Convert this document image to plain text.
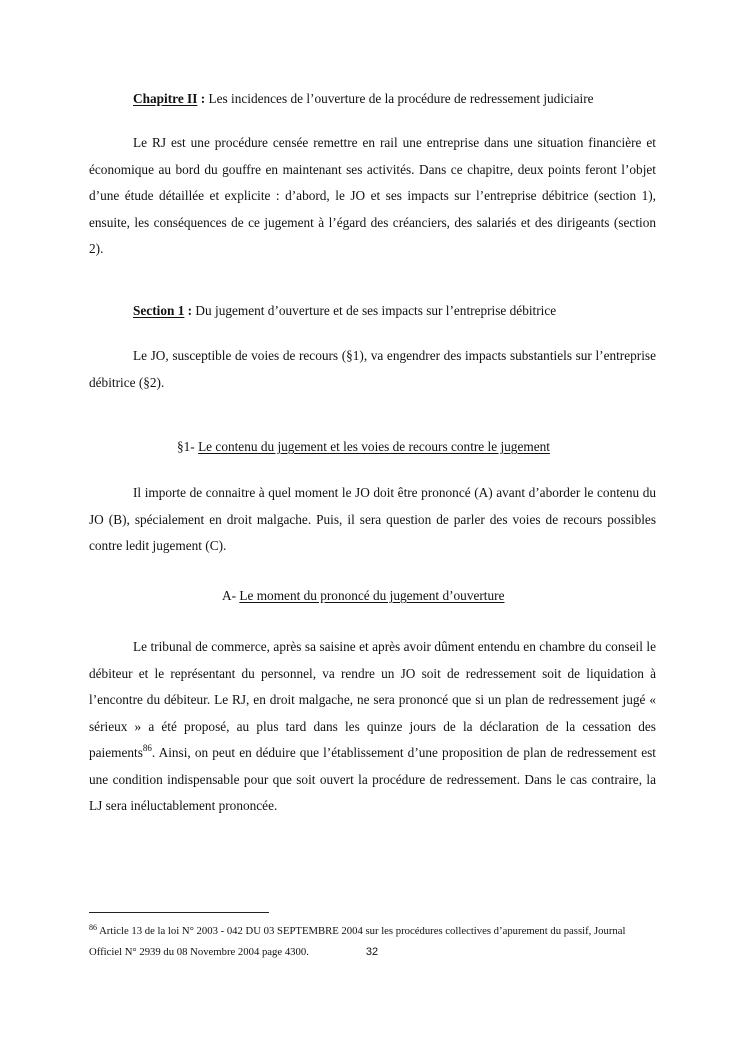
Chapitre II : Les incidences de l’ouverture de la procédure de redressement judiciaire

Le RJ est une procédure censée remettre en rail une entreprise dans une situation financière et économique au bord du gouffre en maintenant ses activités. Dans ce chapitre, deux points feront l’objet d’une étude détaillée et explicite : d’abord, le JO et ses impacts sur l’entreprise débitrice (section 1), ensuite, les conséquences de ce jugement à l’égard des créanciers, des salariés et des dirigeants (section 2).

Section 1 : Du jugement d’ouverture et de ses impacts sur l’entreprise débitrice

Le JO, susceptible de voies de recours (§1), va engendrer des impacts substantiels sur l’entreprise débitrice (§2).

§1- Le contenu du jugement et les voies de recours contre le jugement

Il importe de connaitre à quel moment le JO doit être prononcé (A) avant d’aborder le contenu du JO (B), spécialement en droit malgache. Puis, il sera question de parler des voies de recours possibles contre ledit jugement (C).

A- Le moment du prononcé du jugement d’ouverture

Le tribunal de commerce, après sa saisine et après avoir dûment entendu en chambre du conseil le débiteur et le représentant du personnel, va rendre un JO soit de redressement soit de liquidation à l’encontre du débiteur. Le RJ, en droit malgache, ne sera prononcé que si un plan de redressement jugé « sérieux » a été proposé, au plus tard dans les quinze jours de la déclaration de la cessation des paiements$^{86}$. Ainsi, on peut en déduire que l’établissement d’une proposition de plan de redressement est une condition indispensable pour que soit ouvert la procédure de redressement. Dans le cas contraire, la LJ sera inéluctablement prononcée.

$^{86}$ Article 13 de la loi N° 2003 - 042 DU 03 SEPTEMBRE 2004 sur les procédures collectives d’apurement du passif, Journal Officiel N° 2939 du 08 Novembre 2004 page 4300.	32
